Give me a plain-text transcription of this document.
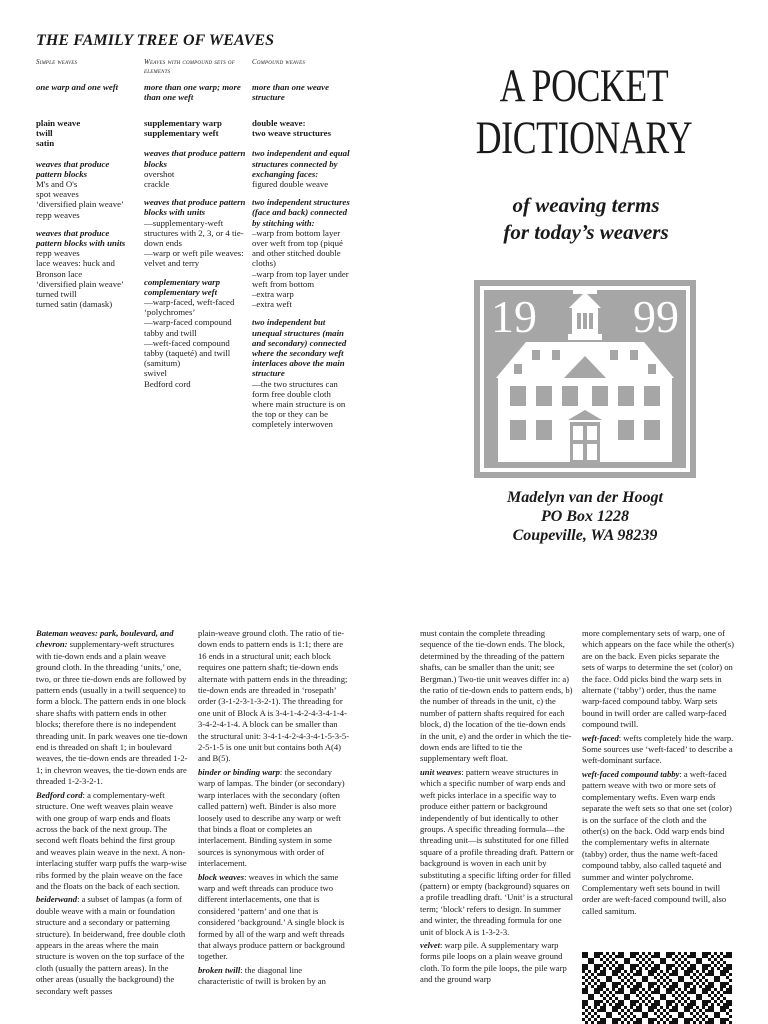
THE FAMILY TREE OF WEAVES
Simple weaves
one warp and one weft
plain weave
twill
satin
weaves that produce pattern blocks
M's and O's
spot weaves
‘diversified plain weave’
repp weaves
weaves that produce pattern blocks with units
repp weaves
lace weaves: huck and Bronson lace
‘diversified plain weave’
turned twill
turned satin (damask)
Weaves with compound sets of elements
more than one warp; more than one weft
supplementary warp
supplementary weft
weaves that produce pattern blocks
overshot
crackle
weaves that produce pattern blocks with units
—supplementary-weft structures with 2, 3, or 4 tie-down ends
—warp or weft pile weaves: velvet and terry
complementary warp complementary weft
—warp-faced, weft-faced ‘polychromes’
—warp-faced compound tabby and twill
—weft-faced compound tabby (taqueté) and twill (samitum)
swivel
Bedford cord
Compound weaves
more than one weave structure
double weave:
two weave structures
two independent and equal structures connected by exchanging faces:
figured double weave
two independent structures (face and back) connected by stitching with:
–warp from bottom layer over weft from top (piqué and other stitched double cloths)
–warp from top layer under weft from bottom
–extra warp
–extra weft
two independent but unequal structures (main and secondary) connected where the secondary weft interlaces above the main structure
—the two structures can form free double cloth where main structure is on the top or they can be completely interwoven
A POCKET
DICTIONARY
of weaving terms
for today’s weavers
19 99
Madelyn van der Hoogt
PO Box 1228
Coupeville, WA 98239

Bateman weaves: park, boulevard, and chevron: supplementary-weft structures with tie-down ends and a plain weave ground cloth. In the threading ‘units,’ one, two, or three tie-down ends are followed by pattern ends (usually in a twill sequence) to form a block. The pattern ends in one block share shafts with pattern ends in other blocks; therefore there is no independent threading unit. In park weaves one tie-down end is threaded on shaft 1; in boulevard weaves, the tie-down ends are threaded 1-2-1; in chevron weaves, the tie-down ends are threaded 1-2-3-2-1.

Bedford cord: a complementary-weft structure. One weft weaves plain weave with one group of warp ends and floats across the back of the next group. The second weft floats behind the first group and weaves plain weave in the next. A non-interlacing stuffer warp puffs the warp-wise ribs formed by the plain weave on the face and the floats on the back of each section.

beiderwand: a subset of lampas (a form of double weave with a main or foundation structure and a secondary or patterning structure). In beiderwand, free double cloth appears in the areas where the main structure is woven on the top surface of the cloth (usually the pattern areas). In the other areas (usually the background) the secondary weft passes

plain-weave ground cloth. The ratio of tie-down ends to pattern ends is 1:1; there are 16 ends in a structural unit; each block requires one pattern shaft; tie-down ends alternate with pattern ends in the threading; tie-down ends are threaded in ‘rosepath’ order (3-1-2-3-1-3-2-1). The threading for one unit of Block A is 3-4-1-4-2-4-3-4-1-4-3-4-2-4-1-4. A block can be smaller than the structural unit: 3-4-1-4-2-4-3-4-1-5-3-5-2-5-1-5 is one unit but contains both A(4) and B(5).

binder or binding warp: the secondary warp of lampas. The binder (or secondary) warp interlaces with the secondary (often called pattern) weft. Binder is also more loosely used to describe any warp or weft that binds a float or completes an interlacement. Binding system in some sources is synonymous with order of interlacement.

block weaves: weaves in which the same warp and weft threads can produce two different interlacements, one that is considered ‘pattern’ and one that is considered ‘background.’ A single block is formed by all of the warp and weft threads that always produce pattern or background together.

broken twill: the diagonal line characteristic of twill is broken by an

must contain the complete threading sequence of the tie-down ends. The block, determined by the threading of the pattern shafts, can be smaller than the unit; see Bergman.) Two-tie unit weaves differ in: a) the ratio of tie-down ends to pattern ends, b) the number of threads in the unit, c) the number of pattern shafts required for each block, d) the location of the tie-down ends in the unit, e) and the order in which the tie-down ends are lifted to tie the supplementary weft float.

unit weaves: pattern weave structures in which a specific number of warp ends and weft picks interlace in a specific way to produce either pattern or background independently of but identically to other groups. A specific threading formula—the threading unit—is substituted for one filled square of a profile threading draft. Pattern or background is woven in each unit by substituting a specific lifting order for filled (pattern) or empty (background) squares on a profile treadling draft. ‘Unit’ is a structural term; ‘block’ refers to design. In summer and winter, the threading formula for one unit of block A is 1-3-2-3.

velvet: warp pile. A supplementary warp forms pile loops on a plain weave ground cloth. To form the pile loops, the pile warp and the ground warp

more complementary sets of warp, one of which appears on the face while the other(s) are on the back. Even picks separate the sets of warps to determine the set (color) on the face. Odd picks bind the warp sets in alternate (‘tabby’) order, thus the name warp-faced compound tabby. Warp sets bound in twill order are called warp-faced compound twill.

weft-faced: wefts completely hide the warp. Some sources use ‘weft-faced’ to describe a weft-dominant surface.

weft-faced compound tabby: a weft-faced pattern weave with two or more sets of complementary wefts. Even warp ends separate the weft sets so that one set (color) is on the surface of the cloth and the other(s) on the back. Odd warp ends bind the complementary wefts in alternate (tabby) order, thus the name weft-faced compound tabby, also called taqueté and summer and winter polychrome. Complementary weft sets bound in twill order are weft-faced compound twill, also called samitum.
